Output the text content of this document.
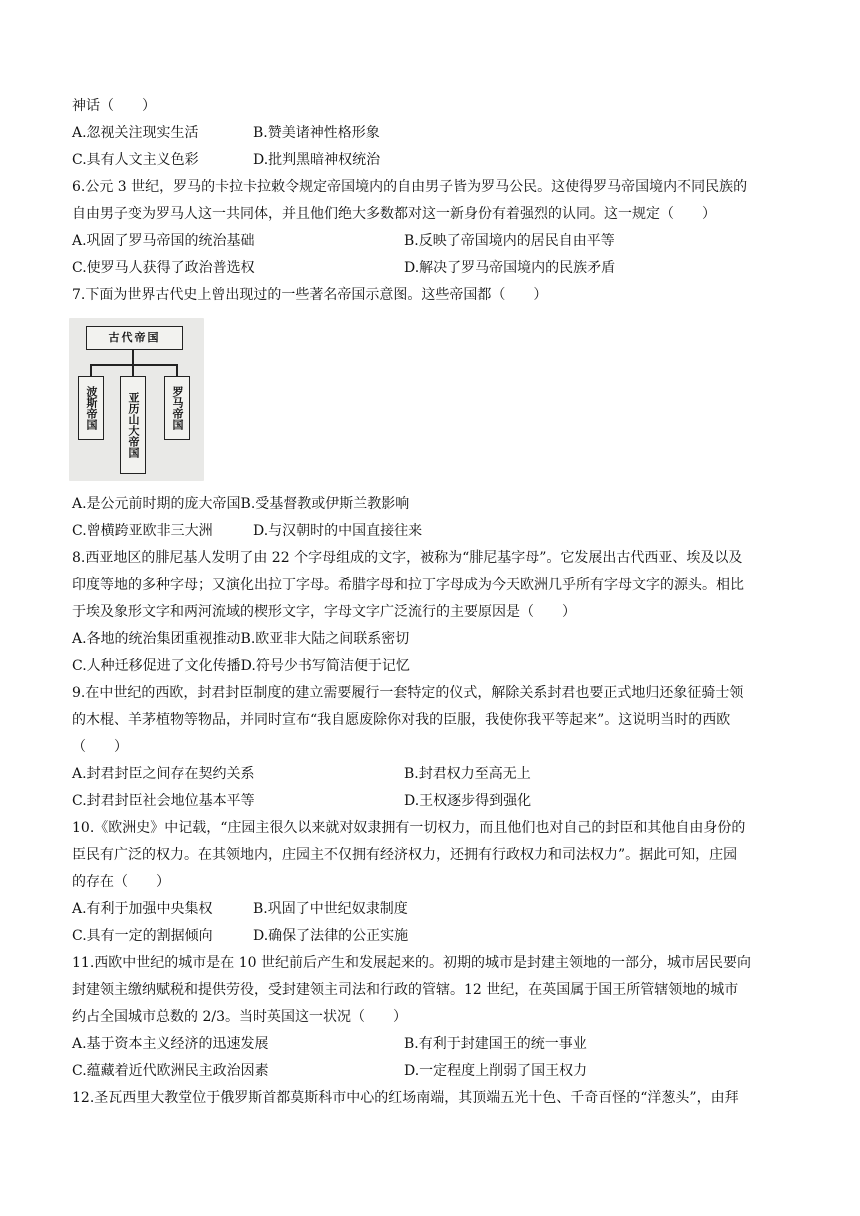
神话（　　）
A.忽视关注现实生活	B.赞美诸神性格形象
C.具有人文主义色彩	D.批判黑暗神权统治
6.公元 3 世纪，罗马的卡拉卡拉敕令规定帝国境内的自由男子皆为罗马公民。这使得罗马帝国境内不同民族的
自由男子变为罗马人这一共同体，并且他们绝大多数都对这一新身份有着强烈的认同。这一规定（　　）
A.巩固了罗马帝国的统治基础	B.反映了帝国境内的居民自由平等
C.使罗马人获得了政治普选权	D.解决了罗马帝国境内的民族矛盾
7.下面为世界古代史上曾出现过的一些著名帝国示意图。这些帝国都（　　）
古代帝国
波斯帝国	亚历山大帝国	罗马帝国
A.是公元前时期的庞大帝国B.受基督教或伊斯兰教影响
C.曾横跨亚欧非三大洲	D.与汉朝时的中国直接往来
8.西亚地区的腓尼基人发明了由 22 个字母组成的文字，被称为“腓尼基字母”。它发展出古代西亚、埃及以及
印度等地的多种字母；又演化出拉丁字母。希腊字母和拉丁字母成为今天欧洲几乎所有字母文字的源头。相比
于埃及象形文字和两河流域的楔形文字，字母文字广泛流行的主要原因是（　　）
A.各地的统治集团重视推动B.欧亚非大陆之间联系密切
C.人种迁移促进了文化传播D.符号少书写简洁便于记忆
9.在中世纪的西欧，封君封臣制度的建立需要履行一套特定的仪式，解除关系封君也要正式地归还象征骑士领
的木棍、羊茅植物等物品，并同时宣布“我自愿废除你对我的臣服，我使你我平等起来”。这说明当时的西欧
（　　）
A.封君封臣之间存在契约关系	B.封君权力至高无上
C.封君封臣社会地位基本平等	D.王权逐步得到强化
10.《欧洲史》中记载，“庄园主很久以来就对奴隶拥有一切权力，而且他们也对自己的封臣和其他自由身份的
臣民有广泛的权力。在其领地内，庄园主不仅拥有经济权力，还拥有行政权力和司法权力”。据此可知，庄园
的存在（　　）
A.有利于加强中央集权	B.巩固了中世纪奴隶制度
C.具有一定的割据倾向	D.确保了法律的公正实施
11.西欧中世纪的城市是在 10 世纪前后产生和发展起来的。初期的城市是封建主领地的一部分，城市居民要向
封建领主缴纳赋税和提供劳役，受封建领主司法和行政的管辖。12 世纪，在英国属于国王所管辖领地的城市
约占全国城市总数的 2/3。当时英国这一状况（　　）
A.基于资本主义经济的迅速发展	B.有利于封建国王的统一事业
C.蕴藏着近代欧洲民主政治因素	D.一定程度上削弱了国王权力
12.圣瓦西里大教堂位于俄罗斯首都莫斯科市中心的红场南端，其顶端五光十色、千奇百怪的“洋葱头”，由拜
